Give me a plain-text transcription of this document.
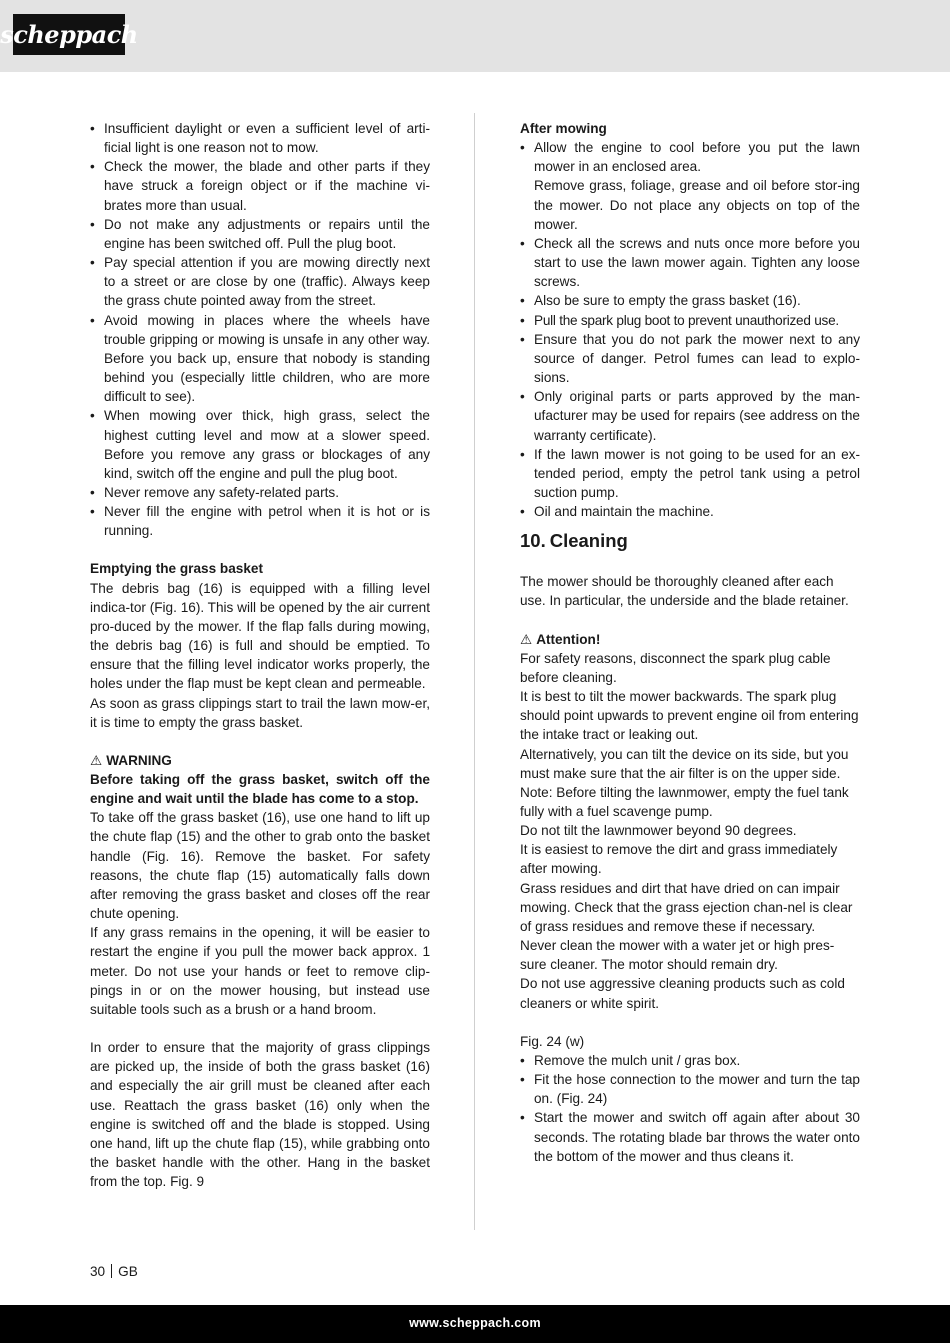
scheppach
• Insufficient daylight or even a sufficient level of arti-ficial light is one reason not to mow.
• Check the mower, the blade and other parts if they have struck a foreign object or if the machine vi-brates more than usual.
• Do not make any adjustments or repairs until the engine has been switched off. Pull the plug boot.
• Pay special attention if you are mowing directly next to a street or are close by one (traffic). Always keep the grass chute pointed away from the street.
• Avoid mowing in places where the wheels have trouble gripping or mowing is unsafe in any other way. Before you back up, ensure that nobody is standing behind you (especially little children, who are more difficult to see).
• When mowing over thick, high grass, select the highest cutting level and mow at a slower speed. Before you remove any grass or blockages of any kind, switch off the engine and pull the plug boot.
• Never remove any safety-related parts.
• Never fill the engine with petrol when it is hot or is running.

Emptying the grass basket

The debris bag (16) is equipped with a filling level indica-tor (Fig. 16). This will be opened by the air current pro-duced by the mower. If the flap falls during mowing, the debris bag (16) is full and should be emptied. To ensure that the filling level indicator works properly, the holes under the flap must be kept clean and permeable.

As soon as grass clippings start to trail the lawn mow-er, it is time to empty the grass basket.

⚠ WARNING

Before taking off the grass basket, switch off the engine and wait until the blade has come to a stop.

To take off the grass basket (16), use one hand to lift up the chute flap (15) and the other to grab onto the basket handle (Fig. 16). Remove the basket. For safety reasons, the chute flap (15) automatically falls down after removing the grass basket and closes off the rear chute opening.

If any grass remains in the opening, it will be easier to restart the engine if you pull the mower back approx. 1 meter. Do not use your hands or feet to remove clip-pings in or on the mower housing, but instead use suitable tools such as a brush or a hand broom.

In order to ensure that the majority of grass clippings are picked up, the inside of both the grass basket (16) and especially the air grill must be cleaned after each use. Reattach the grass basket (16) only when the engine is switched off and the blade is stopped. Using one hand, lift up the chute flap (15), while grabbing onto the basket handle with the other. Hang in the basket from the top. Fig. 9

After mowing

• Allow the engine to cool before you put the lawn mower in an enclosed area.
Remove grass, foliage, grease and oil before stor-ing the mower. Do not place any objects on top of the mower.
• Check all the screws and nuts once more before you start to use the lawn mower again. Tighten any loose screws.
• Also be sure to empty the grass basket (16).
• Pull the spark plug boot to prevent unauthorized use.
• Ensure that you do not park the mower next to any source of danger. Petrol fumes can lead to explo-sions.
• Only original parts or parts approved by the man-ufacturer may be used for repairs (see address on the warranty certificate).
• If the lawn mower is not going to be used for an ex-tended period, empty the petrol tank using a petrol suction pump.
• Oil and maintain the machine.

10. Cleaning

The mower should be thoroughly cleaned after each use. In particular, the underside and the blade retainer.

⚠ Attention!

For safety reasons, disconnect the spark plug cable before cleaning.

It is best to tilt the mower backwards. The spark plug should point upwards to prevent engine oil from entering the intake tract or leaking out.

Alternatively, you can tilt the device on its side, but you must make sure that the air filter is on the upper side.

Note: Before tilting the lawnmower, empty the fuel tank fully with a fuel scavenge pump.

Do not tilt the lawnmower beyond 90 degrees.

It is easiest to remove the dirt and grass immediately after mowing.

Grass residues and dirt that have dried on can impair mowing. Check that the grass ejection chan-nel is clear of grass residues and remove these if necessary.

Never clean the mower with a water jet or high pres-sure cleaner. The motor should remain dry.

Do not use aggressive cleaning products such as cold cleaners or white spirit.

Fig. 24 (w)

• Remove the mulch unit / gras box.
• Fit the hose connection to the mower and turn the tap on. (Fig. 24)
• Start the mower and switch off again after about 30 seconds. The rotating blade bar throws the water onto the bottom of the mower and thus cleans it.
30 GB
www.scheppach.com
